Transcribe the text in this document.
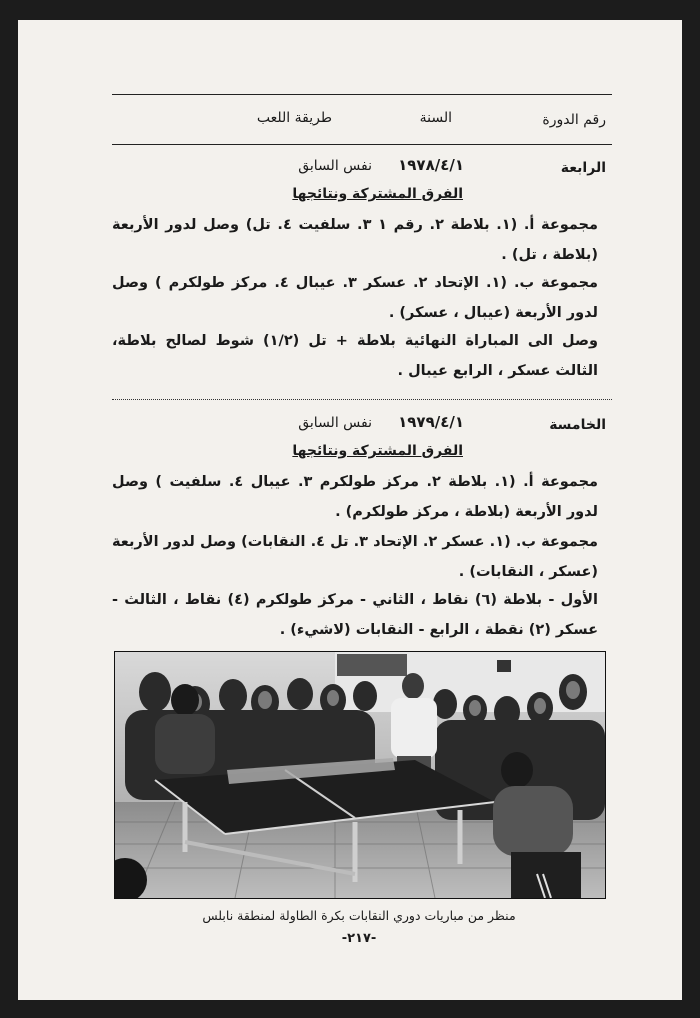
رقم الدورة
السنة
طريقة اللعب
الرابعة
١٩٧٨/٤/١
نفس السابق
الفرق المشتركة ونتائجها
مجموعة أ. (١. بلاطة ٢. رقم ١ ٣. سلفيت ٤. تل) وصل لدور الأربعة (بلاطة ، تل) .
مجموعة ب. (١. الإتحاد ٢. عسكر ٣. عيبال ٤. مركز طولكرم ) وصل لدور الأربعة (عيبال ، عسكر) .
وصل الى المباراة النهائية بلاطة + تل (١/٢) شوط لصالح بلاطة، الثالث عسكر ، الرابع عيبال .
الخامسة
١٩٧٩/٤/١
نفس السابق
الفرق المشتركة ونتائجها
مجموعة أ. (١. بلاطة ٢. مركز طولكرم ٣. عيبال ٤. سلفيت ) وصل لدور الأربعة (بلاطة ، مركز طولكرم) .
مجموعة ب. (١. عسكر ٢. الإتحاد ٣. تل ٤. النقابات) وصل لدور الأربعة (عسكر ، النقابات) .
الأول - بلاطة (٦) نقاط ، الثاني - مركز طولكرم (٤) نقاط ، الثالث - عسكر (٢) نقطة ، الرابع - النقابات (لاشيء) .
منظر من مباريات دوري النقابات بكرة الطاولة لمنطقة نابلس
-٢١٧-
